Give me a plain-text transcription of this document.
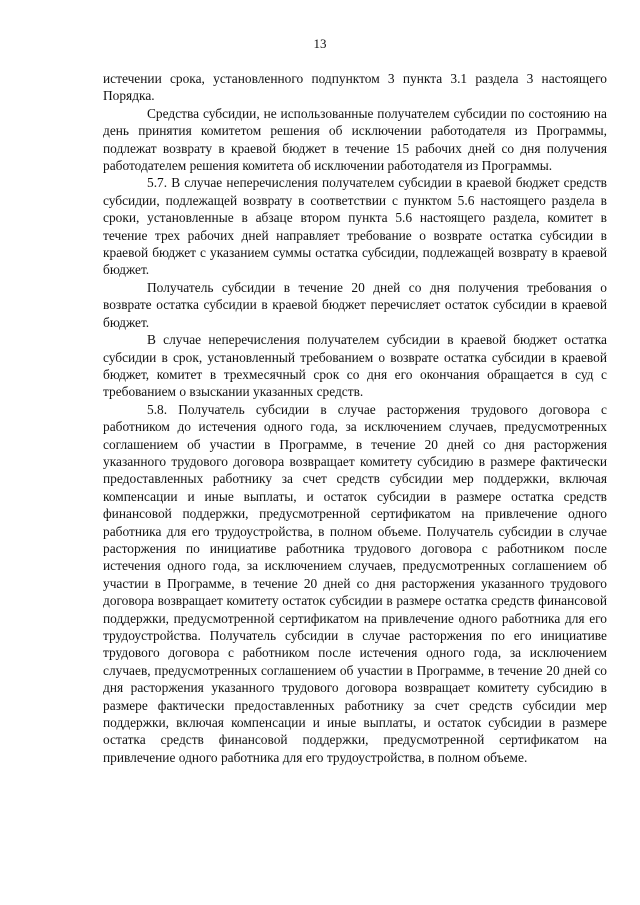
13

истечении срока, установленного подпунктом 3 пункта 3.1 раздела 3 настоящего Порядка.

Средства субсидии, не использованные получателем субсидии по состоянию на день принятия комитетом решения об исключении работодателя из Программы, подлежат возврату в краевой бюджет в течение 15 рабочих дней со дня получения работодателем решения комитета об исключении работодателя из Программы.

5.7. В случае неперечисления получателем субсидии в краевой бюджет средств субсидии, подлежащей возврату в соответствии с пунктом 5.6 настоящего раздела в сроки, установленные в абзаце втором пункта 5.6 настоящего раздела, комитет в течение трех рабочих дней направляет требование о возврате остатка субсидии в краевой бюджет с указанием суммы остатка субсидии, подлежащей возврату в краевой бюджет.

Получатель субсидии в течение 20 дней со дня получения требования о возврате остатка субсидии в краевой бюджет перечисляет остаток субсидии в краевой бюджет.

В случае неперечисления получателем субсидии в краевой бюджет остатка субсидии в срок, установленный требованием о возврате остатка субсидии в краевой бюджет, комитет в трехмесячный срок со дня его окончания обращается в суд с требованием о взыскании указанных средств.

5.8. Получатель субсидии в случае расторжения трудового договора с работником до истечения одного года, за исключением случаев, предусмотренных соглашением об участии в Программе, в течение 20 дней со дня расторжения указанного трудового договора возвращает комитету субсидию в размере фактически предоставленных работнику за счет средств субсидии мер поддержки, включая компенсации и иные выплаты, и остаток субсидии в размере остатка средств финансовой поддержки, предусмотренной сертификатом на привлечение одного работника для его трудоустройства, в полном объеме. Получатель субсидии в случае расторжения по инициативе работника трудового договора с работником после истечения одного года, за исключением случаев, предусмотренных соглашением об участии в Программе, в течение 20 дней со дня расторжения указанного трудового договора возвращает комитету остаток субсидии в размере остатка средств финансовой поддержки, предусмотренной сертификатом на привлечение одного работника для его трудоустройства. Получатель субсидии в случае расторжения по его инициативе трудового договора с работником после истечения одного года, за исключением случаев, предусмотренных соглашением об участии в Программе, в течение 20 дней со дня расторжения указанного трудового договора возвращает комитету субсидию в размере фактически предоставленных работнику за счет средств субсидии мер поддержки, включая компенсации и иные выплаты, и остаток субсидии в размере остатка средств финансовой поддержки, предусмотренной сертификатом на привлечение одного работника для его трудоустройства, в полном объеме.
